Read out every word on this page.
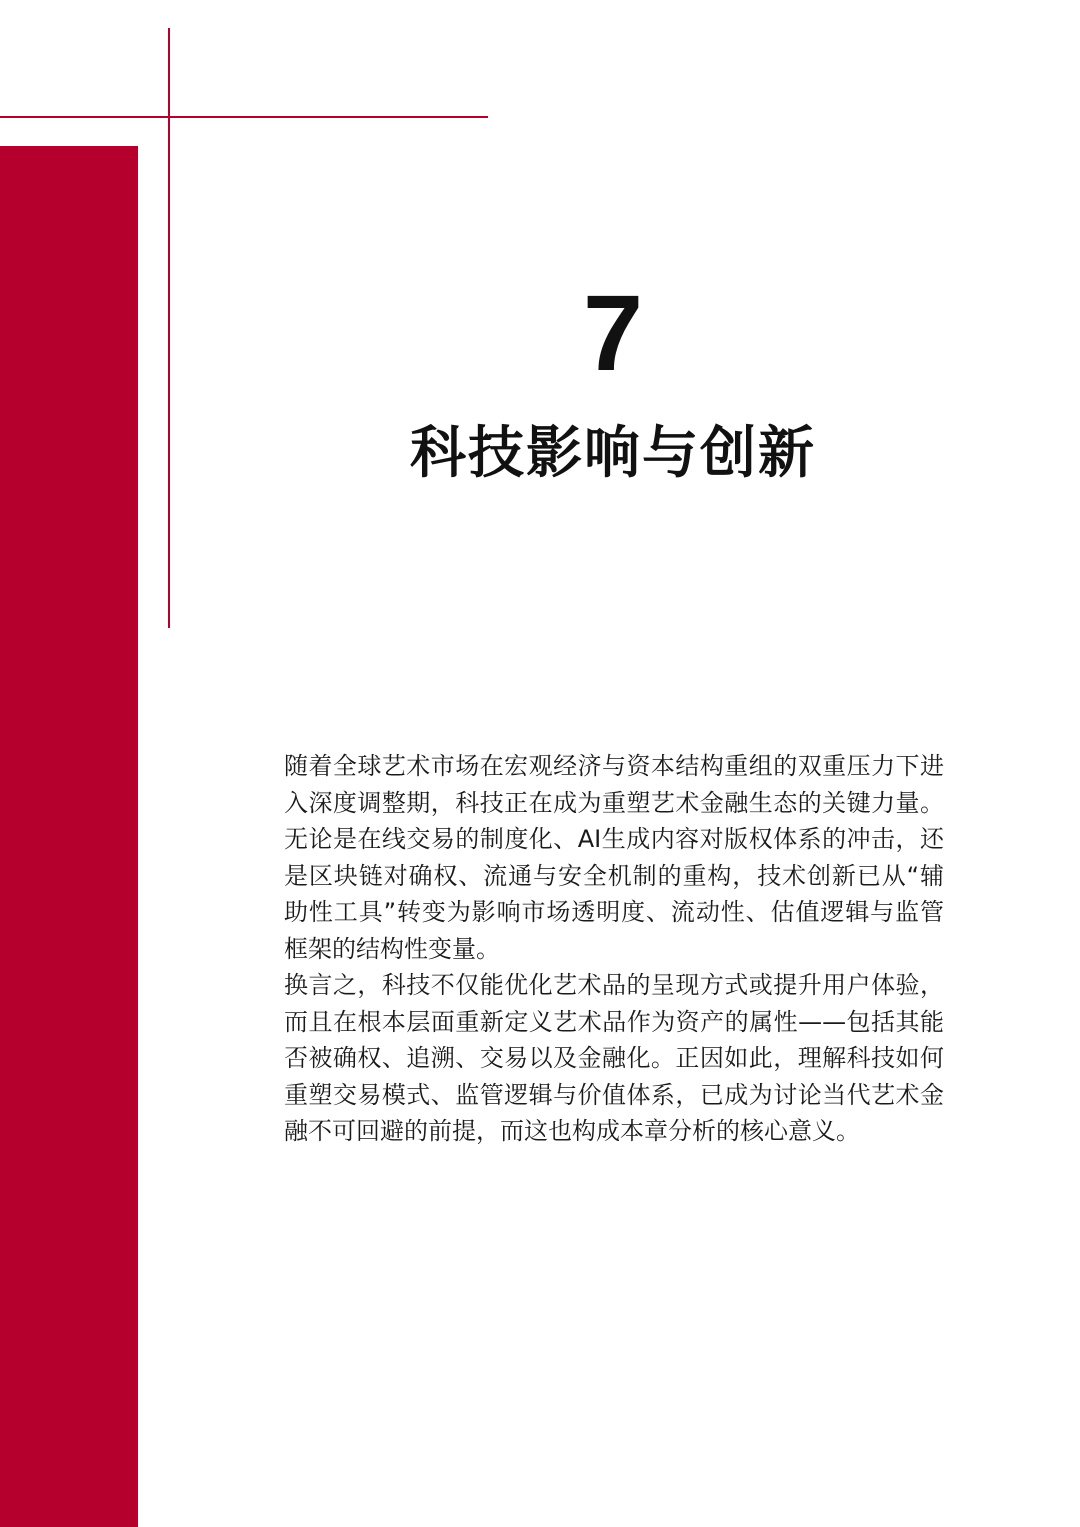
7
科技影响与创新

随着全球艺术市场在宏观经济与资本结构重组的双重压力下进入深度调整期，科技正在成为重塑艺术金融生态的关键力量。无论是在线交易的制度化、AI生成内容对版权体系的冲击，还是区块链对确权、流通与安全机制的重构，技术创新已从“辅助性工具”转变为影响市场透明度、流动性、估值逻辑与监管框架的结构性变量。

换言之，科技不仅能优化艺术品的呈现方式或提升用户体验，而且在根本层面重新定义艺术品作为资产的属性——包括其能否被确权、追溯、交易以及金融化。正因如此，理解科技如何重塑交易模式、监管逻辑与价值体系，已成为讨论当代艺术金融不可回避的前提，而这也构成本章分析的核心意义。
